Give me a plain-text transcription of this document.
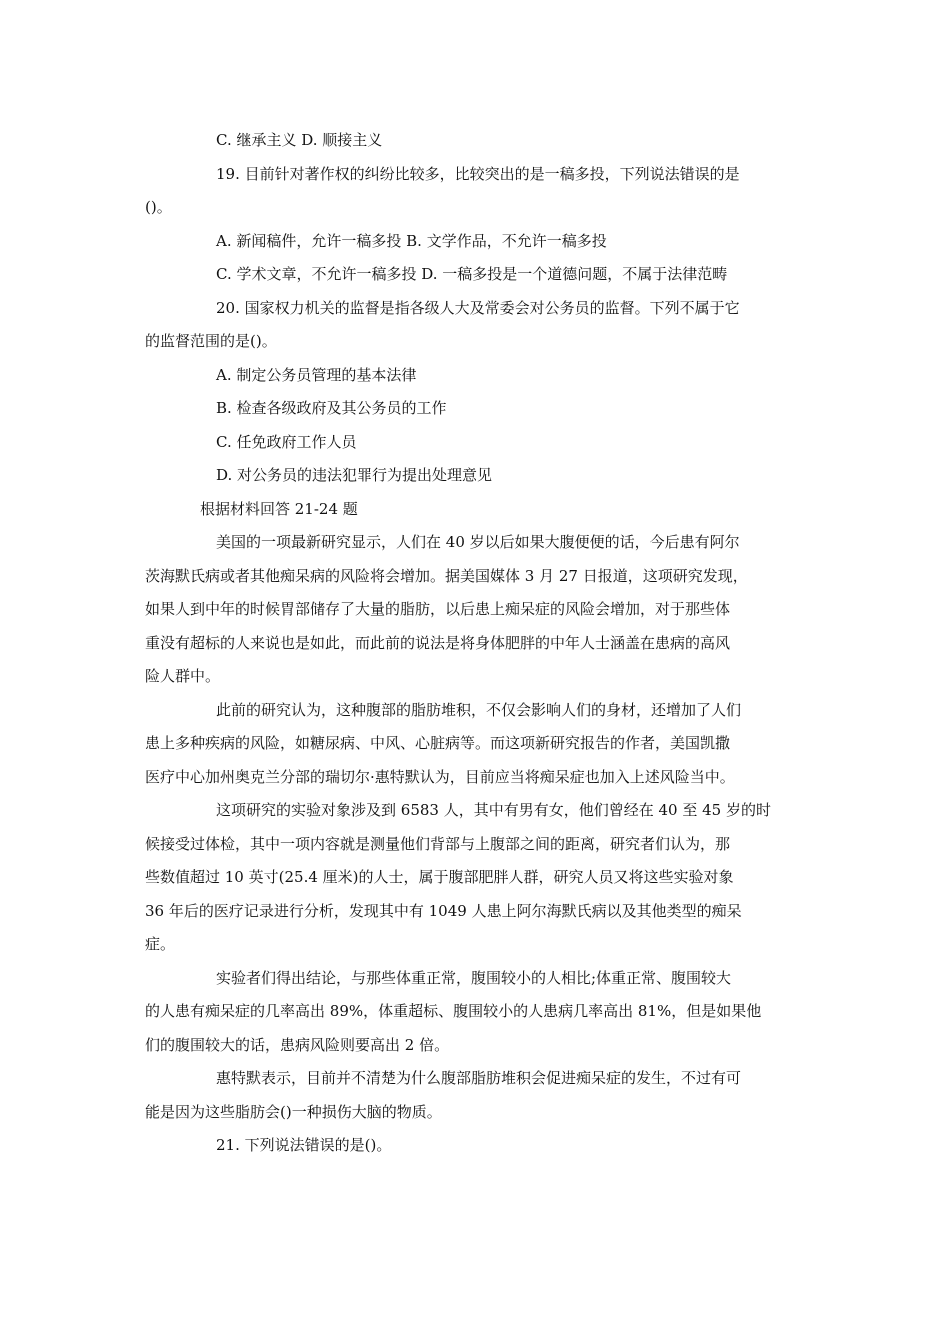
C. 继承主义 D. 顺接主义
19. 目前针对著作权的纠纷比较多，比较突出的是一稿多投，下列说法错误的是
()。
A. 新闻稿件，允许一稿多投 B. 文学作品，不允许一稿多投
C. 学术文章，不允许一稿多投 D. 一稿多投是一个道德问题，不属于法律范畴
20. 国家权力机关的监督是指各级人大及常委会对公务员的监督。下列不属于它
的监督范围的是()。
A. 制定公务员管理的基本法律
B. 检查各级政府及其公务员的工作
C. 任免政府工作人员
D. 对公务员的违法犯罪行为提出处理意见
根据材料回答 21-24 题
美国的一项最新研究显示，人们在 40 岁以后如果大腹便便的话，今后患有阿尔
茨海默氏病或者其他痴呆病的风险将会增加。据美国媒体 3 月 27 日报道，这项研究发现，
如果人到中年的时候胃部储存了大量的脂肪，以后患上痴呆症的风险会增加，对于那些体
重没有超标的人来说也是如此，而此前的说法是将身体肥胖的中年人士涵盖在患病的高风
险人群中。
此前的研究认为，这种腹部的脂肪堆积，不仅会影响人们的身材，还增加了人们
患上多种疾病的风险，如糖尿病、中风、心脏病等。而这项新研究报告的作者，美国凯撒
医疗中心加州奥克兰分部的瑞切尔·惠特默认为，目前应当将痴呆症也加入上述风险当中。
这项研究的实验对象涉及到 6583 人，其中有男有女，他们曾经在 40 至 45 岁的时
候接受过体检，其中一项内容就是测量他们背部与上腹部之间的距离，研究者们认为，那
些数值超过 10 英寸(25.4 厘米)的人士，属于腹部肥胖人群，研究人员又将这些实验对象
36 年后的医疗记录进行分析，发现其中有 1049 人患上阿尔海默氏病以及其他类型的痴呆
症。
实验者们得出结论，与那些体重正常，腹围较小的人相比;体重正常、腹围较大
的人患有痴呆症的几率高出 89%，体重超标、腹围较小的人患病几率高出 81%，但是如果他
们的腹围较大的话，患病风险则要高出 2 倍。
惠特默表示，目前并不清楚为什么腹部脂肪堆积会促进痴呆症的发生，不过有可
能是因为这些脂肪会()一种损伤大脑的物质。
21. 下列说法错误的是()。
